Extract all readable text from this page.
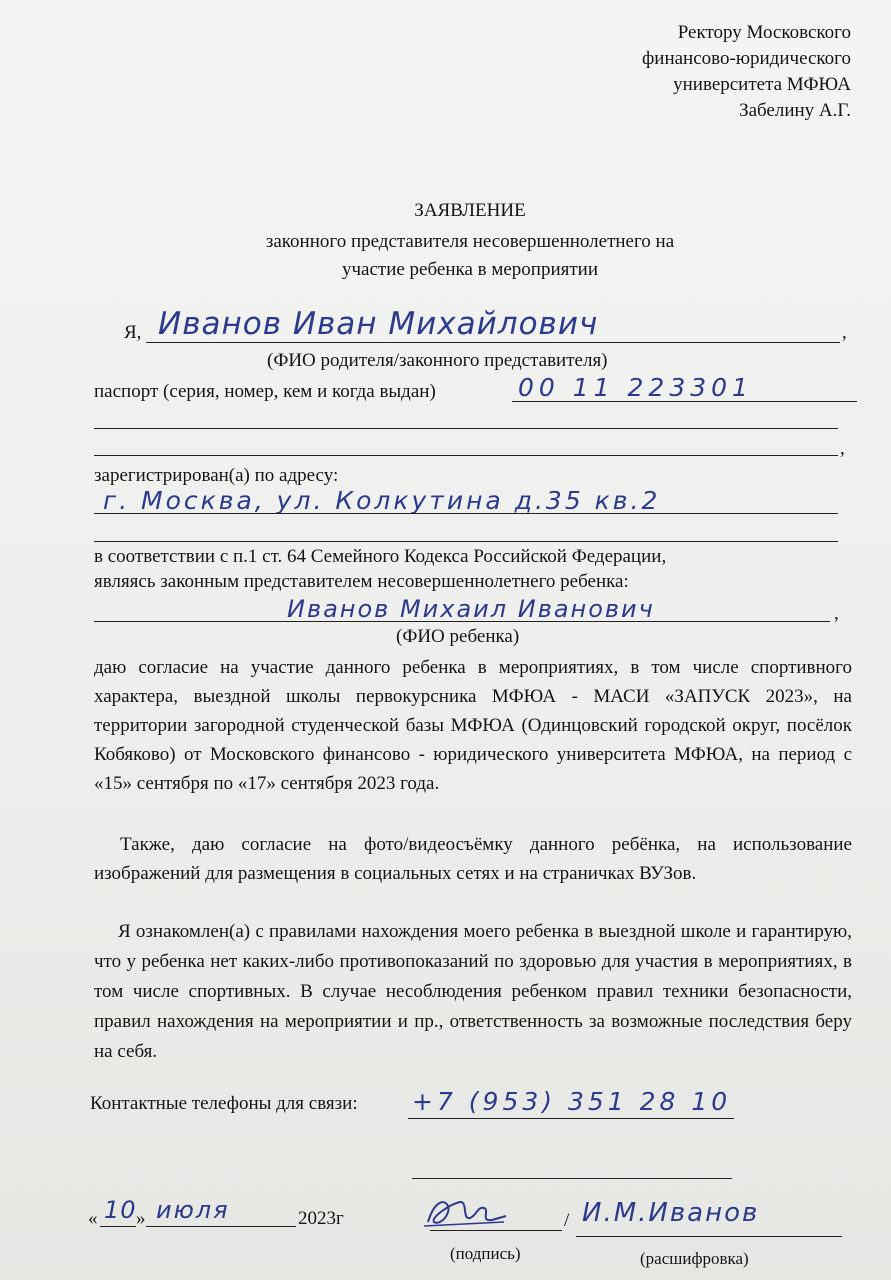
Ректору Московского
финансово-юридического
университета МФЮА
Забелину А.Г.
ЗАЯВЛЕНИЕ
законного представителя несовершеннолетнего на
участие ребенка в мероприятии
Я, Иванов Иван Михайлович	,
(ФИО родителя/законного представителя)
паспорт (серия, номер, кем и когда выдан)	00 11 223301
,
зарегистрирован(а) по адресу:
г. Москва, ул. Колкутина д.35 кв.2
в соответствии с п.1 ст. 64 Семейного Кодекса Российской Федерации,
являясь законным представителем несовершеннолетнего ребенка:
Иванов Михаил Иванович	,
(ФИО ребенка)
даю согласие на участие данного ребенка в мероприятиях, в том числе спортивного характера, выездной школы первокурсника МФЮА - МАСИ «ЗАПУСК 2023», на территории загородной студенческой базы МФЮА (Одинцовский городской округ, посёлок Кобяково) от Московского финансово - юридического университета МФЮА, на период с «15» сентября по «17» сентября 2023 года.
Также, даю согласие на фото/видеосъёмку данного ребёнка, на использование изображений для размещения в социальных сетях и на страничках ВУЗов.
Я ознакомлен(а) с правилами нахождения моего ребенка в выездной школе и гарантирую, что у ребенка нет каких-либо противопоказаний по здоровью для участия в мероприятиях, в том числе спортивных. В случае несоблюдения ребенком правил техники безопасности, правил нахождения на мероприятии и пр., ответственность за возможные последствия беру на себя.
Контактные телефоны для связи: +7 (953) 351 28 10
« 10 » июля	2023г	/ И.М.Иванов
(подпись)	(расшифровка)
